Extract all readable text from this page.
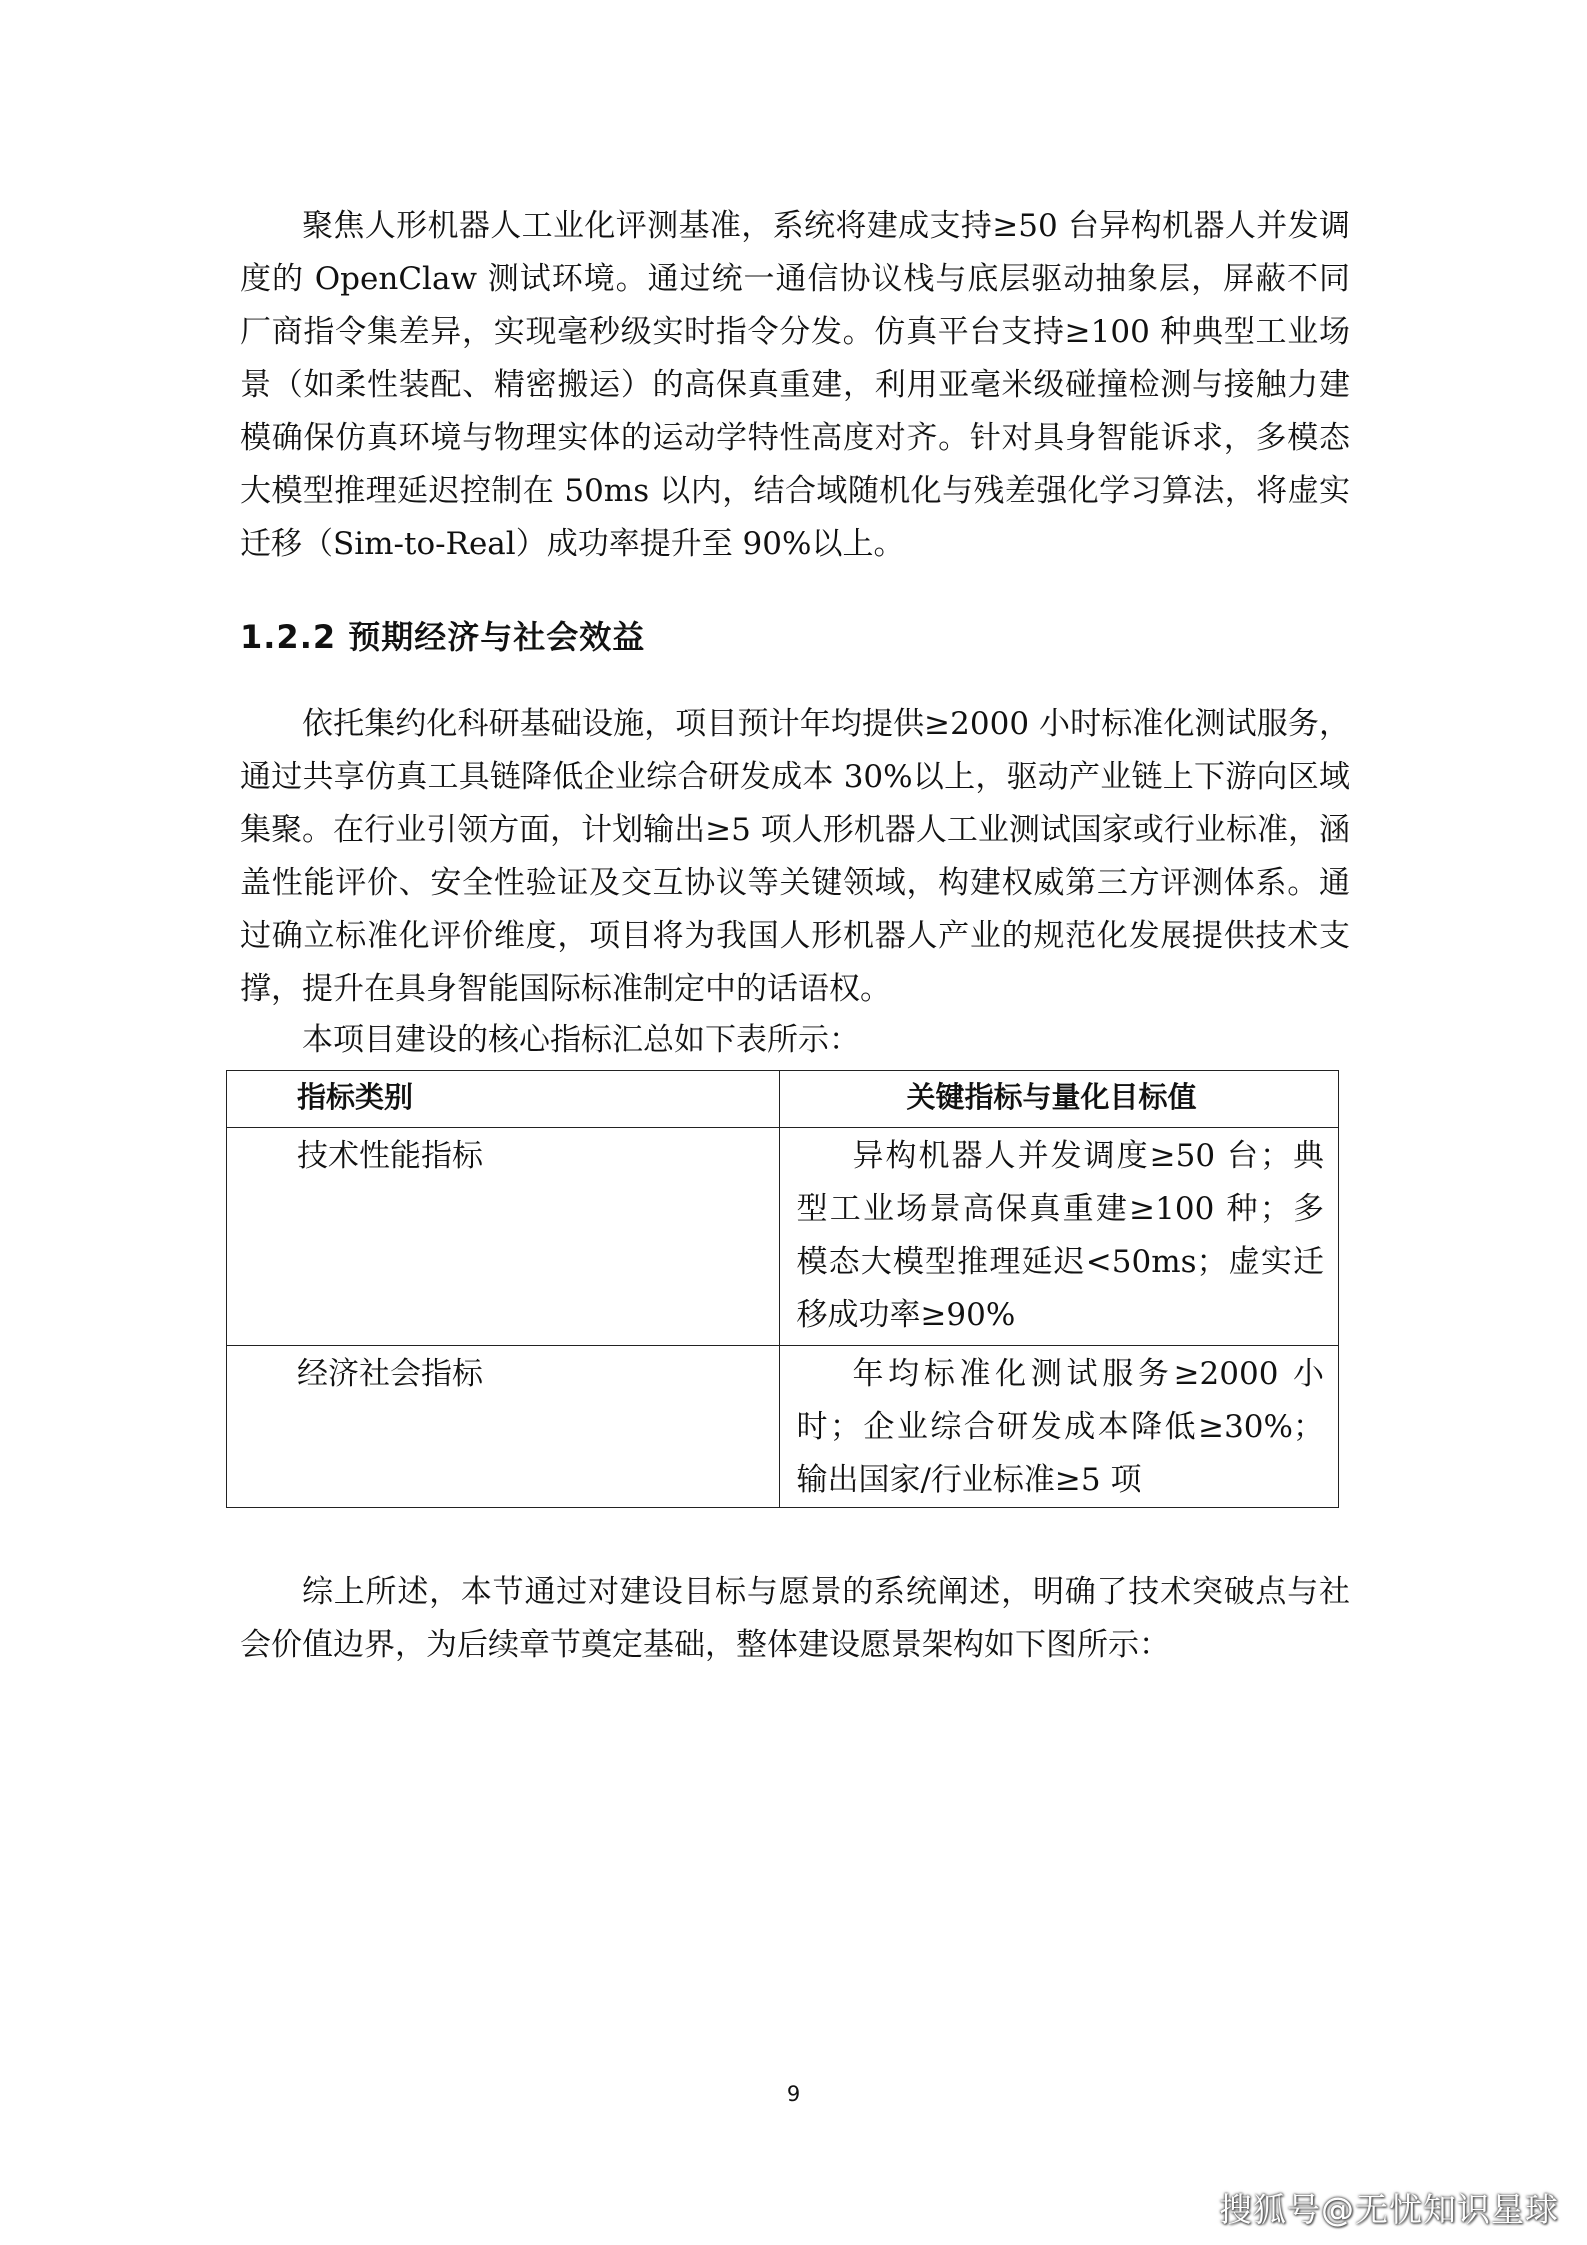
聚焦人形机器人工业化评测基准，系统将建成支持≥50 台异构机器人并发调度的 OpenClaw 测试环境。通过统一通信协议栈与底层驱动抽象层，屏蔽不同厂商指令集差异，实现毫秒级实时指令分发。仿真平台支持≥100 种典型工业场景（如柔性装配、精密搬运）的高保真重建，利用亚毫米级碰撞检测与接触力建模确保仿真环境与物理实体的运动学特性高度对齐。针对具身智能诉求，多模态大模型推理延迟控制在 50ms 以内，结合域随机化与残差强化学习算法，将虚实迁移（Sim-to-Real）成功率提升至 90%以上。

1.2.2 预期经济与社会效益

依托集约化科研基础设施，项目预计年均提供≥2000 小时标准化测试服务，通过共享仿真工具链降低企业综合研发成本 30%以上，驱动产业链上下游向区域集聚。在行业引领方面，计划输出≥5 项人形机器人工业测试国家或行业标准，涵盖性能评价、安全性验证及交互协议等关键领域，构建权威第三方评测体系。通过确立标准化评价维度，项目将为我国人形机器人产业的规范化发展提供技术支撑，提升在具身智能国际标准制定中的话语权。

本项目建设的核心指标汇总如下表所示：

指标类别	关键指标与量化目标值
技术性能指标	异构机器人并发调度≥50 台；典型工业场景高保真重建≥100 种；多模态大模型推理延迟<50ms；虚实迁移成功率≥90%
经济社会指标	年均标准化测试服务≥2000 小时；企业综合研发成本降低≥30%；输出国家/行业标准≥5 项

综上所述，本节通过对建设目标与愿景的系统阐述，明确了技术突破点与社会价值边界，为后续章节奠定基础，整体建设愿景架构如下图所示：

9

搜狐号@无忧知识星球
